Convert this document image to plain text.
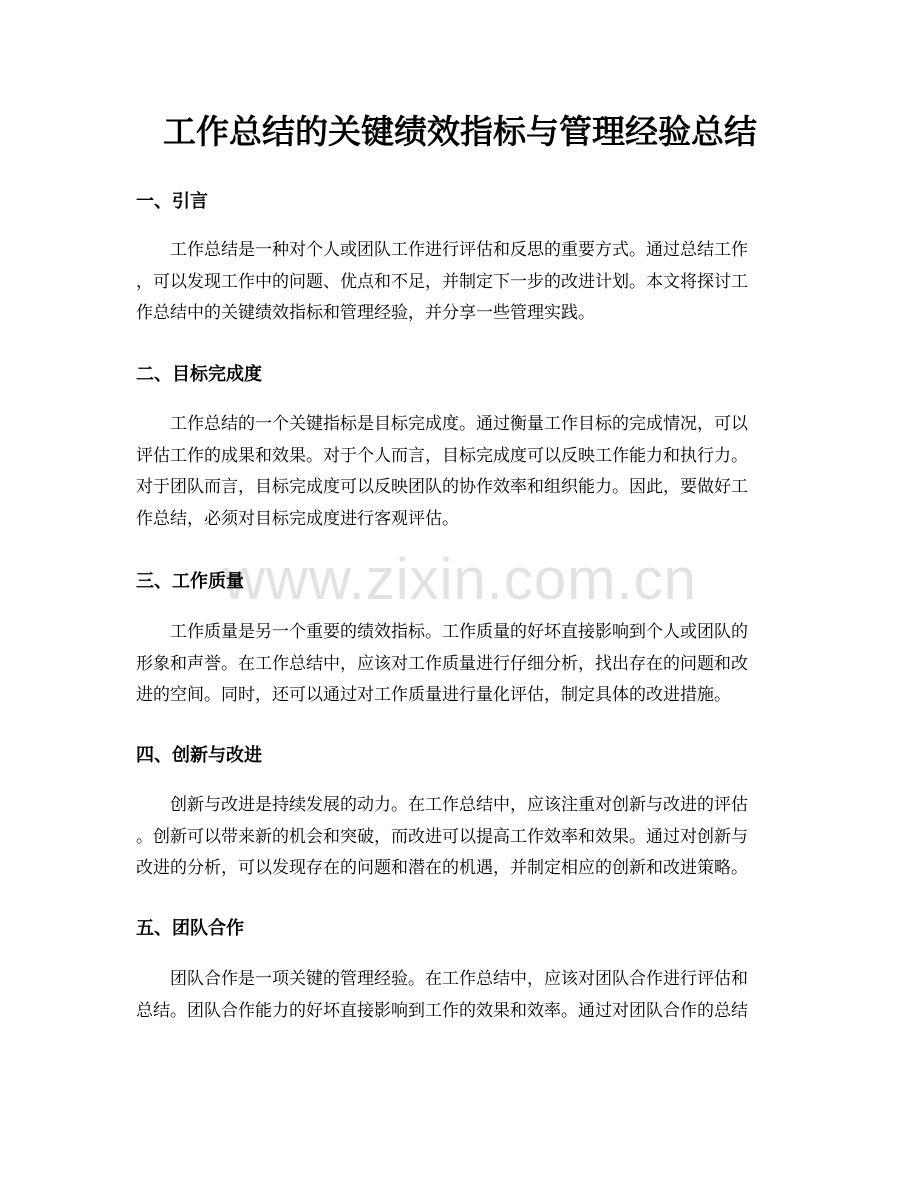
www.zixin.com.cn
工作总结的关键绩效指标与管理经验总结
一、引言

工作总结是一种对个人或团队工作进行评估和反思的重要方式。通过总结工作
，可以发现工作中的问题、优点和不足，并制定下一步的改进计划。本文将探讨工
作总结中的关键绩效指标和管理经验，并分享一些管理实践。

二、目标完成度

工作总结的一个关键指标是目标完成度。通过衡量工作目标的完成情况，可以
评估工作的成果和效果。对于个人而言，目标完成度可以反映工作能力和执行力。
对于团队而言，目标完成度可以反映团队的协作效率和组织能力。因此，要做好工
作总结，必须对目标完成度进行客观评估。

三、工作质量

工作质量是另一个重要的绩效指标。工作质量的好坏直接影响到个人或团队的
形象和声誉。在工作总结中，应该对工作质量进行仔细分析，找出存在的问题和改
进的空间。同时，还可以通过对工作质量进行量化评估，制定具体的改进措施。

四、创新与改进

创新与改进是持续发展的动力。在工作总结中，应该注重对创新与改进的评估
。创新可以带来新的机会和突破，而改进可以提高工作效率和效果。通过对创新与
改进的分析，可以发现存在的问题和潜在的机遇，并制定相应的创新和改进策略。

五、团队合作

团队合作是一项关键的管理经验。在工作总结中，应该对团队合作进行评估和
总结。团队合作能力的好坏直接影响到工作的效果和效率。通过对团队合作的总结
